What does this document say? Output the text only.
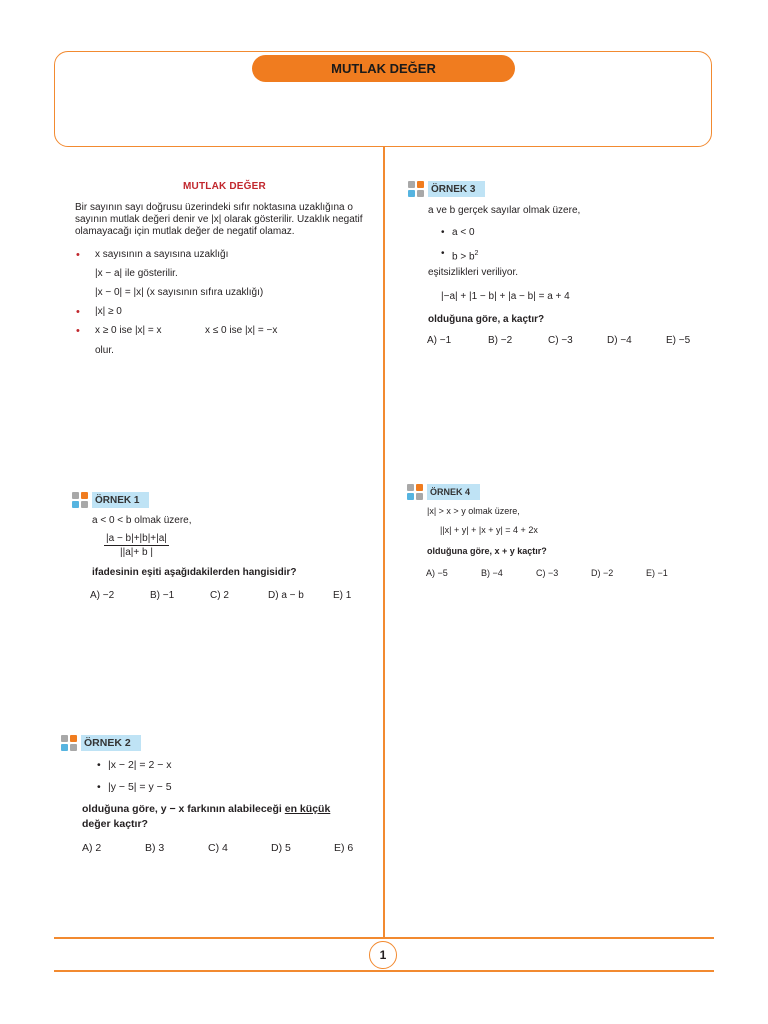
MUTLAK DEĞER
1
MUTLAK DEĞER
Bir sayının sayı doğrusu üzerindeki sıfır noktasına uzaklığına o sayının mutlak değeri denir ve |x| olarak gösterilir. Uzaklık negatif olamayacağı için mutlak değer de negatif olamaz.
• x sayısının a sayısına uzaklığı
|x − a| ile gösterilir.
|x − 0| = |x| (x sayısının sıfıra uzaklığı)
• |x| ≥ 0
• x ≥ 0 ise |x| = x	x ≤ 0 ise |x| = −x
olur.
ÖRNEK 1
a < 0 < b olmak üzere,
$\frac{|a - b|+|b|+|a|}{||a|+ b |}$
ifadesinin eşiti aşağıdakilerden hangisidir?
A) −2	B) −1	C) 2	D) a − b	E) 1
ÖRNEK 2
• |x − 2| = 2 − x
• |y − 5| = y − 5
olduğuna göre, y − x farkının alabileceği en küçük
değer kaçtır?
A) 2	B) 3	C) 4	D) 5	E) 6
ÖRNEK 3
a ve b gerçek sayılar olmak üzere,
• a < 0
• $b > b^2$
eşitsizlikleri veriliyor.
|−a| + |1 − b| + |a − b| = a + 4
olduğuna göre, a kaçtır?
A) −1	B) −2	C) −3	D) −4	E) −5
ÖRNEK 4
|x| > x > y olmak üzere,
||x| + y| + |x + y| = 4 + 2x
olduğuna göre, x + y kaçtır?
A) −5	B) −4	C) −3	D) −2	E) −1
